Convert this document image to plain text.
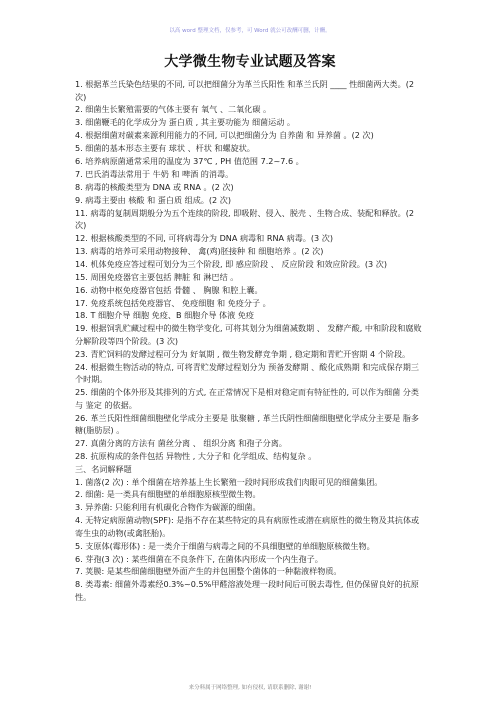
以高 word 整理文档，仅参考，可 Word 就公可改酬可删，计酬。
大学微生物专业试题及答案
1. 根据革兰氏染色结果的不同, 可以把细菌分为革兰氏阳性 和革兰氏阴 ____ 性细菌两大类。(2 次)
2. 细菌生长繁殖需要的气体主要有 氧气 、二氧化碳 。
3. 细菌鞭毛的化学成分为 蛋白质 , 其主要功能为 细菌运动 。
4. 根据细菌对碳素来源利用能力的不同, 可以把细菌分为 自养菌 和 异养菌 。(2 次)
5. 细菌的基本形态主要有 球状 、杆状 和螺旋状。
6. 培养病原菌通常采用的温度为 37℃ , PH 值范围 7.2~7.6 。
7. 巴氏消毒法常用于 牛奶 和 啤酒 的消毒。
8. 病毒的核酸类型为 DNA 或 RNA 。(2 次)
9. 病毒主要由 核酸 和 蛋白质 组成。(2 次)
11. 病毒的复制周期般分为五个连续的阶段, 即吸附、侵入、脱壳 、生物合成、装配和释放。(2 次)
12. 根据核酸类型的不同, 可将病毒分为 DNA 病毒和 RNA 病毒。(3 次)
13. 病毒的培养可采用动物接种、 禽(鸡)胚接种 和 细胞培养 。(2 次)
14. 机体免疫应答过程可划分为三个阶段, 即 感应阶段 、 反应阶段 和效应阶段。(3 次)
15. 周围免疫器官主要包括 脾脏 和 淋巴结 。
16. 动物中枢免疫器官包括 骨髓 、 胸腺 和腔上囊。
17. 免疫系统包括免疫器官、 免疫细胞 和 免疫分子 。
18. T 细胞介导 细胞 免疫、B 细胞介导 体液 免疫
19. 根据饲乳贮藏过程中的微生物学变化, 可将其划分为细菌减数期 、 发酵产酸, 中和阶段和腐败分解阶段等四个阶段。(3 次)
23. 青贮饲料的发酵过程可分为 好氧期 , 微生物发酵竞争期 , 稳定期和青贮开窖期 4 个阶段。
24. 根据微生物活动的特点, 可将青贮发酵过程划分为 预备发酵期 、酸化成熟期 和完成保存期三个时期。
25. 细菌的个体外形及其排列的方式, 在正常情况下是相对稳定而有特征性的, 可以作为细菌 分类 与 鉴定 的依据。
26. 革兰氏阳性细菌细胞壁化学成分主要是 肽聚糖 , 革兰氏阴性细菌细胞壁化学成分主要是 脂多糖(脂肪层) 。
27. 真菌分离的方法有 菌丝分离 、 组织分离 和孢子分离。
28. 抗原构成的条件包括 异物性 , 大分子和 化学组成、结构复杂 。
三、名词解释题
1. 菌落(2 次) : 单个细菌在培养基上生长繁殖一段时间形成我们肉眼可见的细菌集团。
2. 细菌: 是一类具有细胞壁的单细胞原核型微生物。
3. 异养菌: 只能利用有机碳化合物作为碳源的细菌。
4. 无特定病原菌动物(SPF): 是指不存在某些特定的具有病原性或潜在病原性的微生物及其抗体或寄生虫的动物(或禽胚胎)。
5. 支原体(霉形体) : 是一类介于细菌与病毒之间的不具细胞壁的单细胞原核微生物。
6. 芽孢(3 次) : 某些细菌在不良条件下, 在菌体内形成一个内生孢子。
7. 荚膜: 是某些细菌细胞壁外面产生的并包围整个菌体的一种黏液样物质。
8. 类毒素: 细菌外毒素经0.3%~0.5%甲醛溶液处理一段时间后可脱去毒性, 但仍保留良好的抗原性。
来分料属于网络整理, 如有侵权, 请联系删除, 谢谢!
